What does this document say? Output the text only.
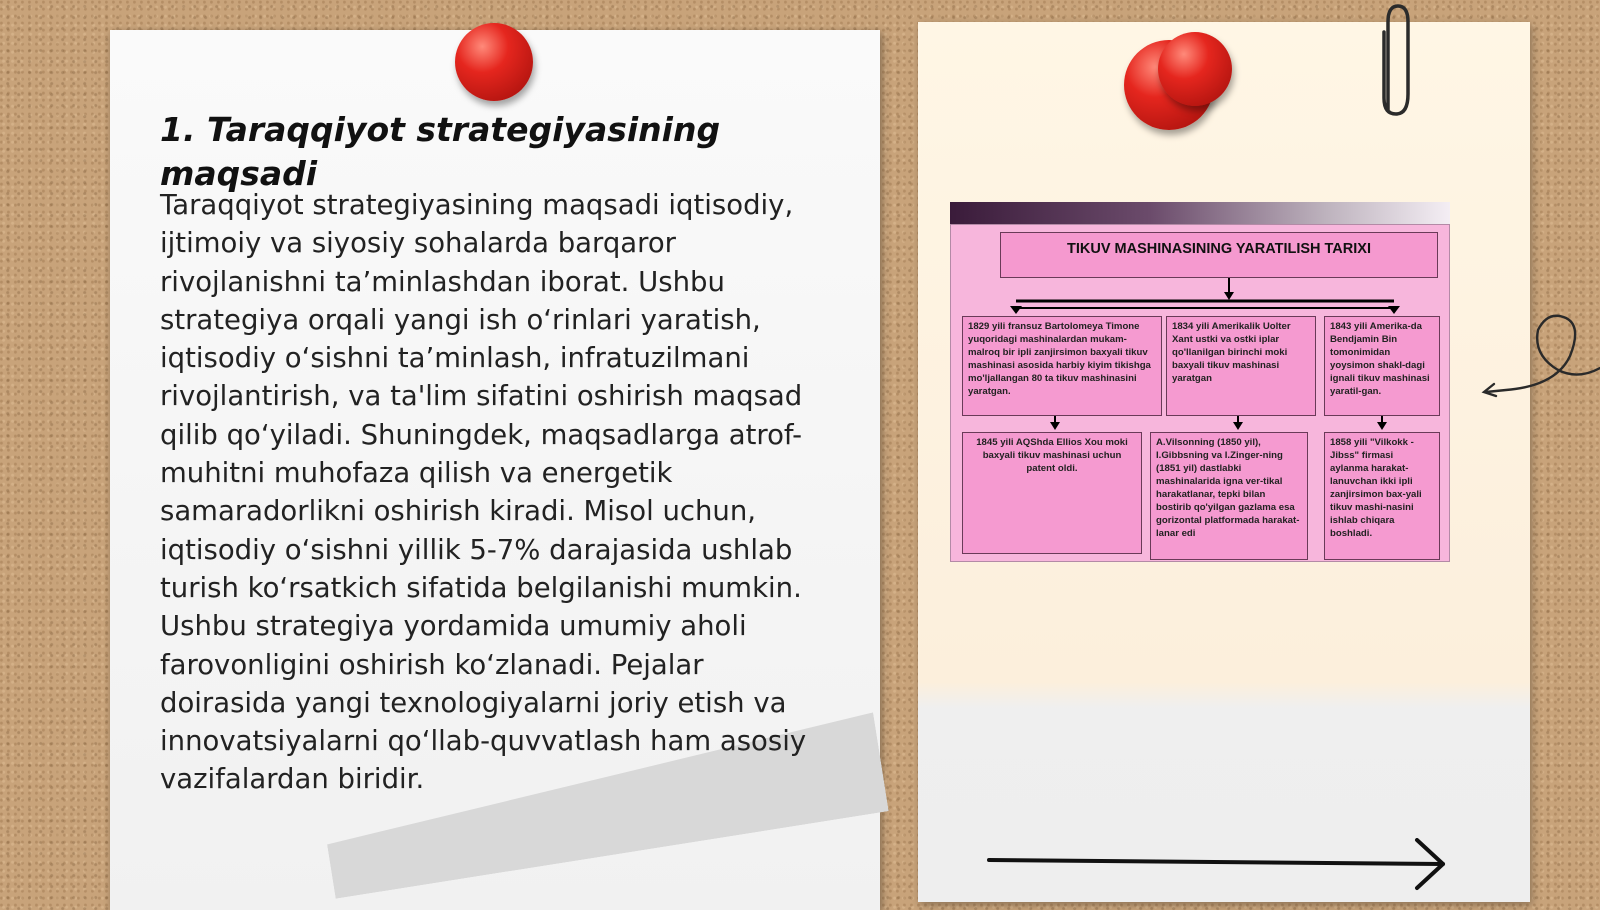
1. Taraqqiyot strategiyasining maqsadi

Taraqqiyot strategiyasining maqsadi iqtisodiy, ijtimoiy va siyosiy sohalarda barqaror rivojlanishni ta’minlashdan iborat. Ushbu strategiya orqali yangi ish o‘rinlari yaratish, iqtisodiy o‘sishni ta’minlash, infratuzilmani rivojlantirish, va ta'lim sifatini oshirish maqsad qilib qo‘yiladi. Shuningdek, maqsadlarga atrof-muhitni muhofaza qilish va energetik samaradorlikni oshirish kiradi. Misol uchun, iqtisodiy o‘sishni yillik 5-7% darajasida ushlab turish ko‘rsatkich sifatida belgilanishi mumkin. Ushbu strategiya yordamida umumiy aholi farovonligini oshirish ko‘zlanadi. Pejalar doirasida yangi texnologiyalarni joriy etish va innovatsiyalarni qo‘llab-quvvatlash ham asosiy vazifalardan biridir.

TIKUV MASHINASINING YARATILISH TARIXI
1829 yili fransuz Bartolomeya Timone yuqoridagi mashinalardan mukam-malroq bir ipli zanjirsimon baxyali tikuv mashinasi asosida harbiy kiyim tikishga mo'ljallangan 80 ta tikuv mashinasini yaratgan.
1834 yili Amerikalik Uolter Xant ustki va ostki iplar qo'llanilgan birinchi moki baxyali tikuv mashinasi yaratgan
1843 yili Amerika-da Bendjamin Bin tomonimidan yoysimon shakl-dagi ignali tikuv mashinasi yaratil-gan.
1845 yili AQShda Ellios Xou moki baxyali tikuv mashinasi uchun patent oldi.
A.Vilsonning (1850 yil), I.Gibbsning va I.Zinger-ning (1851 yil) dastlabki mashinalarida igna ver-tikal harakatlanar, tepki bilan bostirib qo'yilgan gazlama esa gorizontal platformada harakat-lanar edi
1858 yili "Vilkokk - Jibss" firmasi aylanma harakat-lanuvchan ikki ipli zanjirsimon bax-yali tikuv mashi-nasini ishlab chiqara boshladi.
